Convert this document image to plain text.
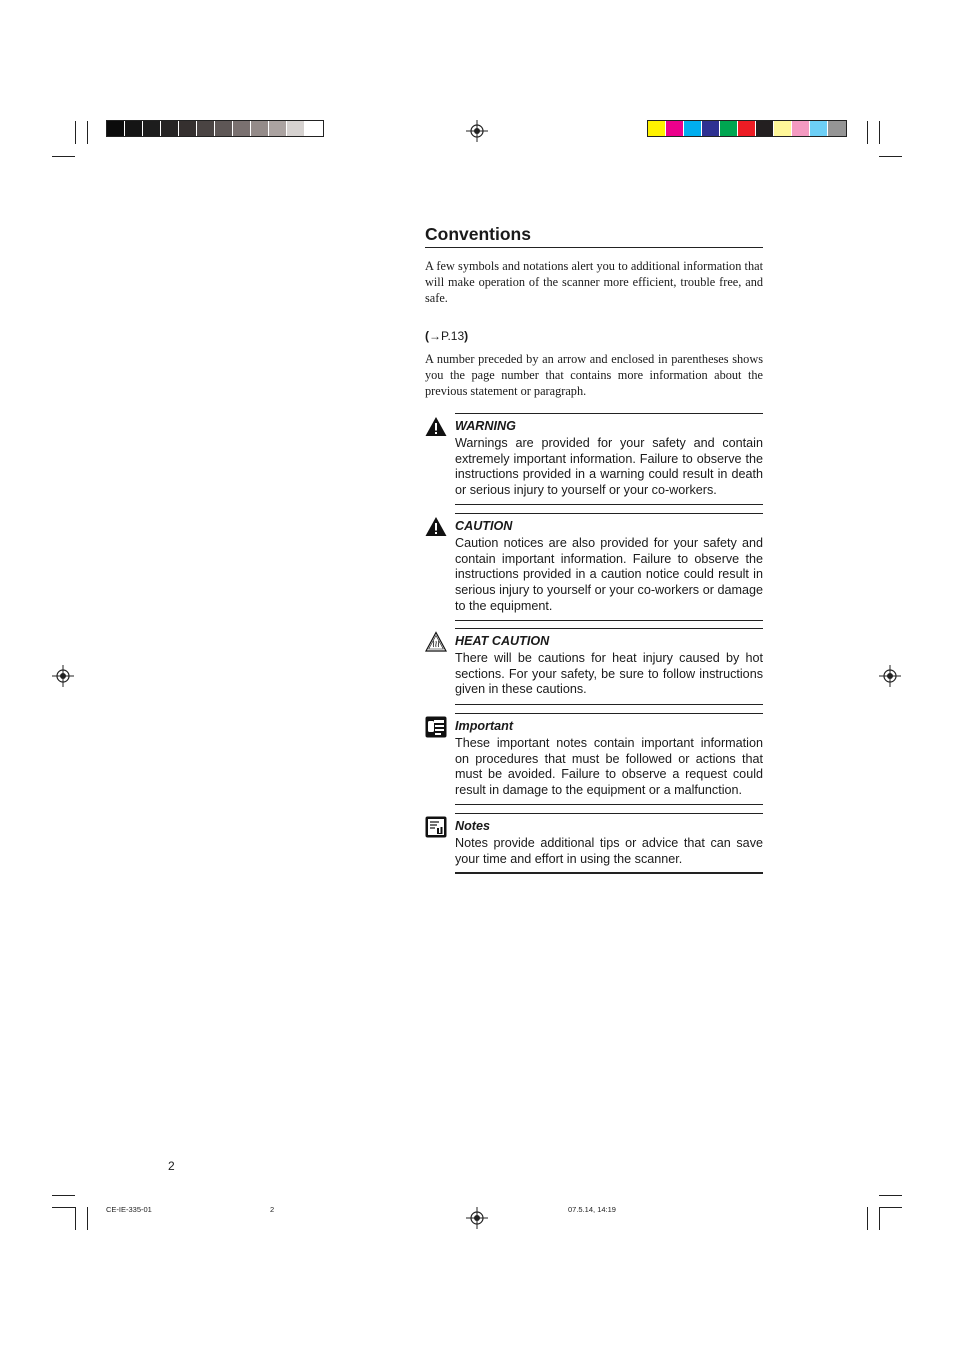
Conventions
A few symbols and notations alert you to additional information that will make operation of the scanner more efficient, trouble free, and safe.
(→P.13)
A number preceded by an arrow and enclosed in parentheses shows you the page number that contains more information about the previous statement or paragraph.
WARNING
Warnings are provided for your safety and contain extremely important information. Failure to observe the instructions provided in a warning could result in death or serious injury to yourself or your co-workers.
CAUTION
Caution notices are also provided for your safety and contain important information. Failure to observe the instructions provided in a caution notice could result in serious injury to yourself or your co-workers or damage to the equipment.
HEAT CAUTION
There will be cautions for heat injury caused by hot sections. For your safety, be sure to follow instructions given in these cautions.
Important
These important notes contain important information on procedures that must be followed or actions that must be avoided. Failure to observe a request could result in damage to the equipment or a malfunction.
Notes
Notes provide additional tips or advice that can save your time and effort in using the scanner.
2
CE-IE-335-01	2	07.5.14, 14:19
